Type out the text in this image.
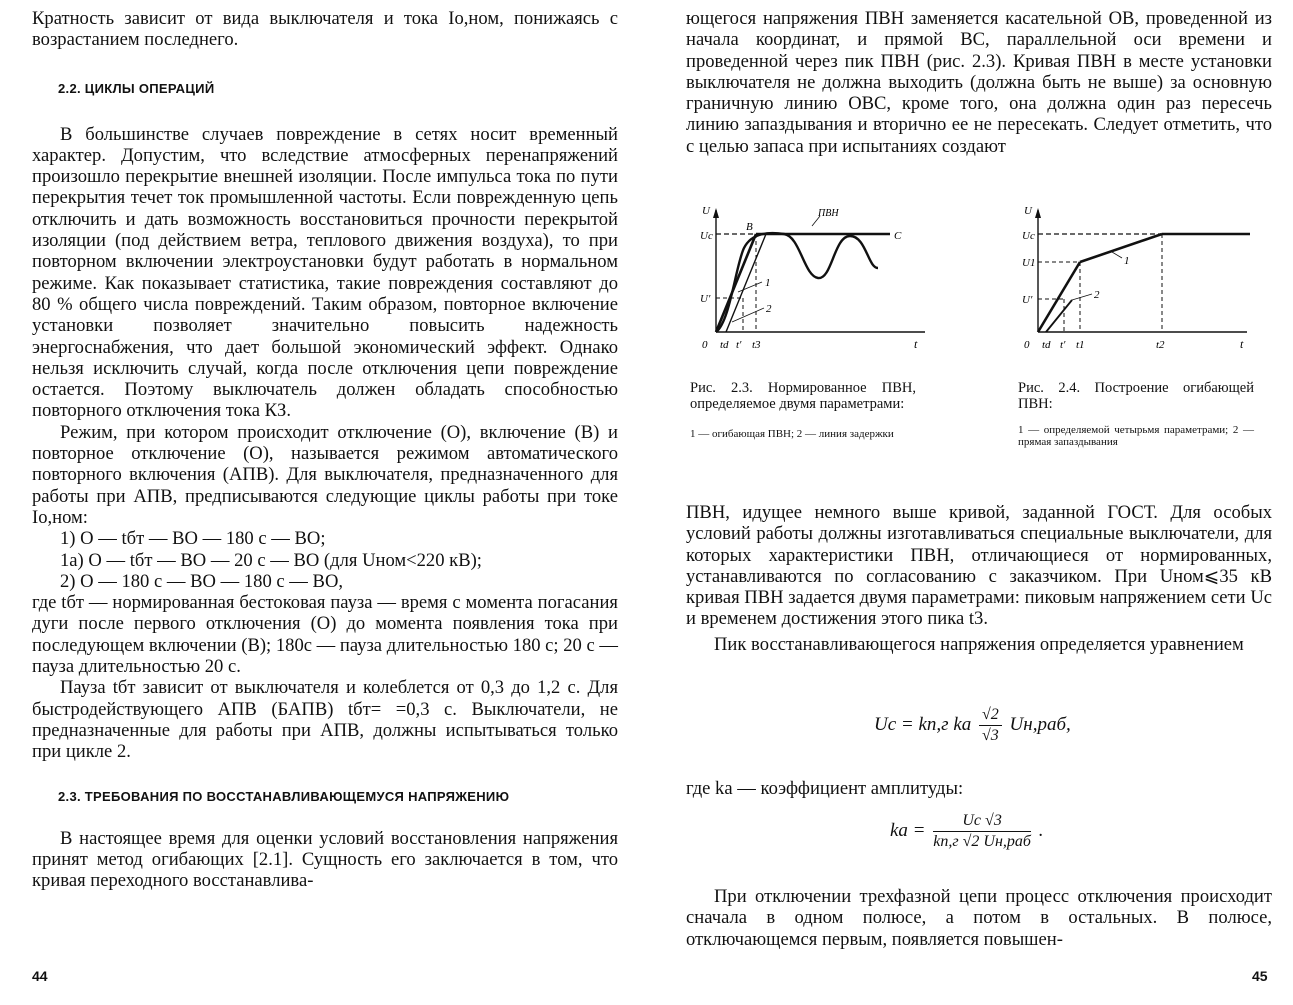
Кратность зависит от вида выключателя и тока Iо,ном, понижаясь с возрастанием последнего.

2.2. ЦИКЛЫ ОПЕРАЦИЙ

В большинстве случаев повреждение в сетях носит временный характер. Допустим, что вследствие атмосферных перенапряжений произошло перекрытие внешней изоляции. После импульса тока по пути перекрытия течет ток промышленной частоты. Если поврежденную цепь отключить и дать возможность восстановиться прочности перекрытой изоляции (под действием ветра, теплового движения воздуха), то при повторном включении электроустановки будут работать в нормальном режиме. Как показывает статистика, такие повреждения составляют до 80 % общего числа повреждений. Таким образом, повторное включение установки позволяет значительно повысить надежность энергоснабжения, что дает большой экономический эффект. Однако нельзя исключить случай, когда после отключения цепи повреждение остается. Поэтому выключатель должен обладать способностью повторного отключения тока КЗ.

Режим, при котором происходит отключение (О), включение (В) и повторное отключение (О), называется режимом автоматического повторного включения (АПВ). Для выключателя, предназначенного для работы при АПВ, предписываются следующие циклы работы при токе Iо,ном:

1) О — tбт — ВО — 180 с — ВО;

1а) О — tбт — ВО — 20 с — ВО (для Uном<220 кВ);

2) О — 180 с — ВО — 180 с — ВО,

где tбт — нормированная бестоковая пауза — время с момента погасания дуги после первого отключения (О) до момента появления тока при последующем включении (В); 180с — пауза длительностью 180 с; 20 с — пауза длительностью 20 с.

Пауза tбт зависит от выключателя и колеблется от 0,3 до 1,2 с. Для быстродействующего АПВ (БАПВ) tбт= =0,3 с. Выключатели, не предназначенные для работы при АПВ, должны испытываться только при цикле 2.

2.3. ТРЕБОВАНИЯ ПО ВОССТАНАВЛИВАЮЩЕМУСЯ НАПРЯЖЕНИЮ

В настоящее время для оценки условий восстановления напряжения принят метод огибающих [2.1]. Сущность его заключается в том, что кривая переходного восстанавлива-

44

ющегося напряжения ПВН заменяется касательной OB, проведенной из начала координат, и прямой BC, параллельной оси времени и проведенной через пик ПВН (рис. 2.3). Кривая ПВН в месте установки выключателя не должна выходить (должна быть не выше) за основную граничную линию OBC, кроме того, она должна один раз пересечь линию запаздывания и вторично ее не пересекать. Следует отметить, что с целью запаса при испытаниях создают

U
Uc
U′
B
ПВН
C
1
2
0 td t′ t3	t
Рис. 2.3. Нормированное ПВН, определяемое двумя параметрами:
1 — огибающая ПВН; 2 — линия задержки
U
Uc
U1
U′
1
2
0 td t′ t1	t2	t
Рис. 2.4. Построение огибающей ПВН:
1 — определяемой четырьмя параметрами; 2 — прямая запаздывания

ПВН, идущее немного выше кривой, заданной ГОСТ. Для особых условий работы должны изготавливаться специальные выключатели, для которых характеристики ПВН, отличающиеся от нормированных, устанавливаются по согласованию с заказчиком. При Uном⩽35 кВ кривая ПВН задается двумя параметрами: пиковым напряжением сети Uс и временем достижения этого пика t3.

Пик восстанавливающегося напряжения определяется уравнением

Uс = kп,г kа $\frac{√2}{√3} Uн,раб$,

где kа — коэффициент амплитуды:

kа = $\frac{Uс √3}{\text{kп,г √2 Uн,раб}}$ .

При отключении трехфазной цепи процесс отключения происходит сначала в одном полюсе, а потом в остальных. В полюсе, отключающемся первым, появляется повышен-

45
